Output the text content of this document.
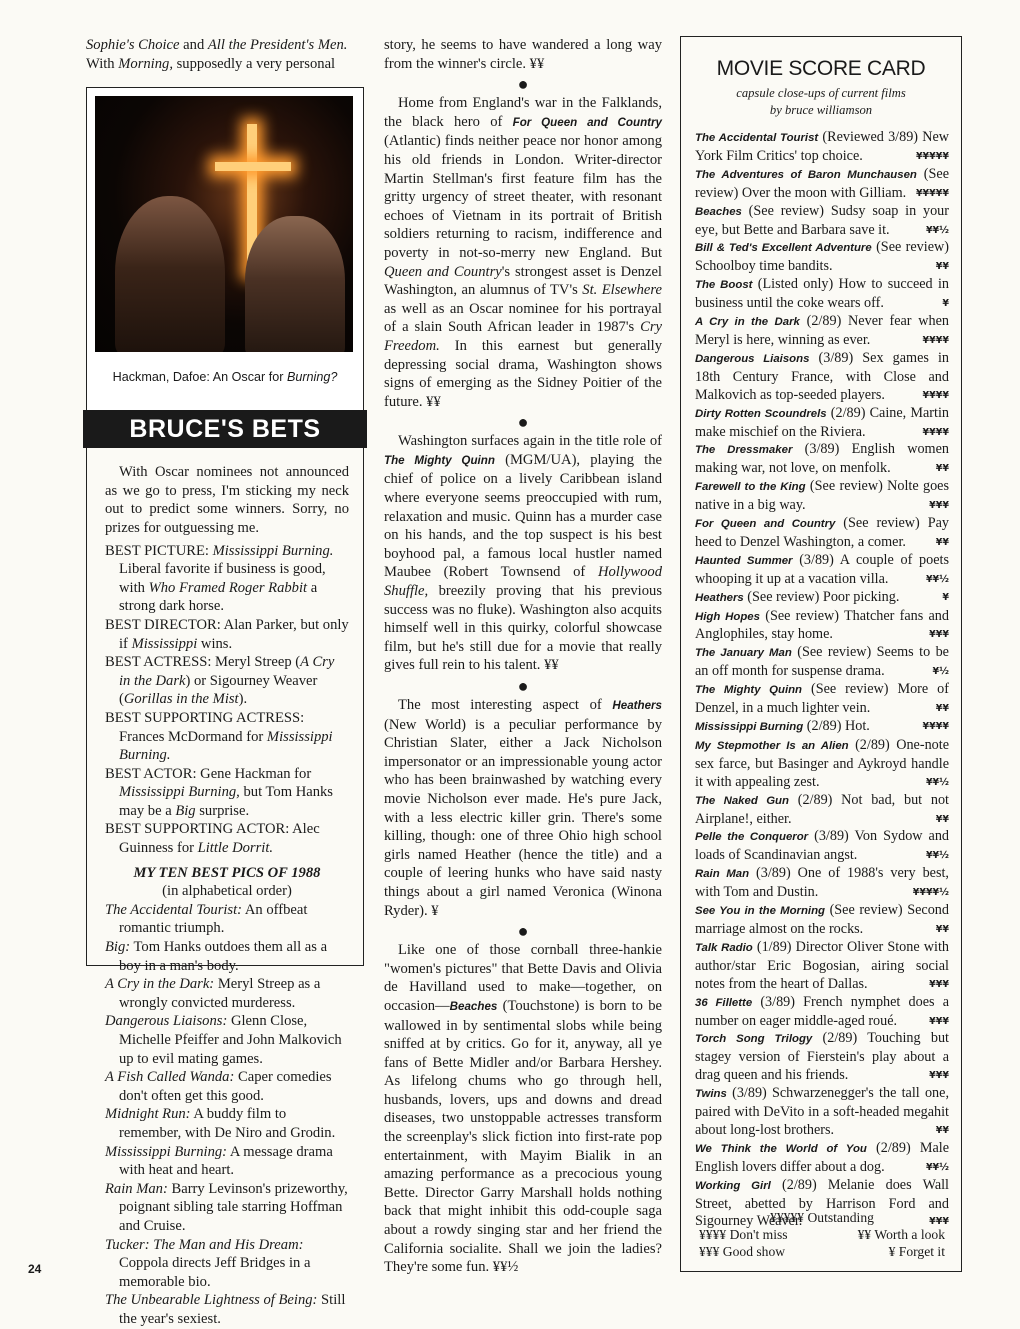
Sophie's Choice and All the President's Men.
With Morning, supposedly a very personal

Hackman, Dafoe: An Oscar for Burning?
BRUCE'S BETS

With Oscar nominees not announced as we go to press, I'm sticking my neck out to predict some winners. Sorry, no prizes for outguessing me.

BEST PICTURE: Mississippi Burning. Liberal favorite if business is good, with Who Framed Roger Rabbit a strong dark horse.

BEST DIRECTOR: Alan Parker, but only if Mississippi wins.

BEST ACTRESS: Meryl Streep (A Cry in the Dark) or Sigourney Weaver (Gorillas in the Mist).

BEST SUPPORTING ACTRESS: Frances McDormand for Mississippi Burning.

BEST ACTOR: Gene Hackman for Mississippi Burning, but Tom Hanks may be a Big surprise.

BEST SUPPORTING ACTOR: Alec Guinness for Little Dorrit.

MY TEN BEST PICS OF 1988

(in alphabetical order)

The Accidental Tourist: An offbeat romantic triumph.

Big: Tom Hanks outdoes them all as a boy in a man's body.

A Cry in the Dark: Meryl Streep as a wrongly convicted murderess.

Dangerous Liaisons: Glenn Close, Michelle Pfeiffer and John Malkovich up to evil mating games.

A Fish Called Wanda: Caper comedies don't often get this good.

Midnight Run: A buddy film to remember, with De Niro and Grodin.

Mississippi Burning: A message drama with heat and heart.

Rain Man: Barry Levinson's prizeworthy, poignant sibling tale starring Hoffman and Cruise.

Tucker: The Man and His Dream: Coppola directs Jeff Bridges in a memorable bio.

The Unbearable Lightness of Being: Still the year's sexiest.

story, he seems to have wandered a long way from the winner's circle. ¥¥

●

Home from England's war in the Falklands, the black hero of For Queen and Country (Atlantic) finds neither peace nor honor among his old friends in London. Writer-director Martin Stellman's first feature film has the gritty urgency of street theater, with resonant echoes of Vietnam in its portrait of British soldiers returning to racism, indifference and poverty in not-so-merry new England. But Queen and Country's strongest asset is Denzel Washington, an alumnus of TV's St. Elsewhere as well as an Oscar nominee for his portrayal of a slain South African leader in 1987's Cry Freedom. In this earnest but generally depressing social drama, Washington shows signs of emerging as the Sidney Poitier of the future. ¥¥

●

Washington surfaces again in the title role of The Mighty Quinn (MGM/UA), playing the chief of police on a lively Caribbean island where everyone seems preoccupied with rum, relaxation and music. Quinn has a murder case on his hands, and the top suspect is his best boyhood pal, a famous local hustler named Maubee (Robert Townsend of Hollywood Shuffle, breezily proving that his previous success was no fluke). Washington also acquits himself well in this quirky, colorful showcase film, but he's still due for a movie that really gives full rein to his talent. ¥¥

●

The most interesting aspect of Heathers (New World) is a peculiar performance by Christian Slater, either a Jack Nicholson impersonator or an impressionable young actor who has been brainwashed by watching every movie Nicholson ever made. He's pure Jack, with a less electric killer grin. There's some killing, though: one of three Ohio high school girls named Heather (hence the title) and a couple of leering hunks who have said nasty things about a girl named Veronica (Winona Ryder). ¥

●

Like one of those cornball three-hankie "women's pictures" that Bette Davis and Olivia de Havilland used to make—together, on occasion—Beaches (Touchstone) is born to be wallowed in by sentimental slobs while being sniffed at by critics. Go for it, anyway, all ye fans of Bette Midler and/or Barbara Hershey. As lifelong chums who go through hell, husbands, lovers, ups and downs and dread diseases, two unstoppable actresses transform the screenplay's slick fiction into first-rate pop entertainment, with Mayim Bialik in an amazing performance as a precocious young Bette. Director Garry Marshall holds nothing back that might inhibit this odd-couple saga about a rowdy singing star and her friend the California socialite. Shall we join the ladies? They're some fun. ¥¥½

MOVIE SCORE CARD
capsule close-ups of current films
by bruce williamson

The Accidental Tourist (Reviewed 3/89) New York Film Critics' top choice.	¥¥¥¥¥

The Adventures of Baron Munchausen (See review) Over the moon with Gilliam. ¥¥¥¥¥

Beaches (See review) Sudsy soap in your eye, but Bette and Barbara save it.	¥¥½

Bill & Ted's Excellent Adventure (See review) Schoolboy time bandits.	¥¥

The Boost (Listed only) How to succeed in business until the coke wears off.	¥

A Cry in the Dark (2/89) Never fear when Meryl is here, winning as ever.	¥¥¥¥

Dangerous Liaisons (3/89) Sex games in 18th Century France, with Close and Malkovich as top-seeded players.	¥¥¥¥

Dirty Rotten Scoundrels (2/89) Caine, Martin make mischief on the Riviera.	¥¥¥¥

The Dressmaker (3/89) English women making war, not love, on menfolk.	¥¥

Farewell to the King (See review) Nolte goes native in a big way.	¥¥¥

For Queen and Country (See review) Pay heed to Denzel Washington, a comer.	¥¥

Haunted Summer (3/89) A couple of poets whooping it up at a vacation villa.	¥¥½

Heathers (See review) Poor picking.	¥

High Hopes (See review) Thatcher fans and Anglophiles, stay home.	¥¥¥

The January Man (See review) Seems to be an off month for suspense drama.	¥½

The Mighty Quinn (See review) More of Denzel, in a much lighter vein.	¥¥

Mississippi Burning (2/89) Hot.	¥¥¥¥

My Stepmother Is an Alien (2/89) One-note sex farce, but Basinger and Aykroyd handle it with appealing zest.	¥¥½

The Naked Gun (2/89) Not bad, but not Airplane!, either.	¥¥

Pelle the Conqueror (3/89) Von Sydow and loads of Scandinavian angst.	¥¥½

Rain Man (3/89) One of 1988's very best, with Tom and Dustin.	¥¥¥¥½

See You in the Morning (See review) Second marriage almost on the rocks.	¥¥

Talk Radio (1/89) Director Oliver Stone with author/star Eric Bogosian, airing social notes from the heart of Dallas.	¥¥¥

36 Fillette (3/89) French nymphet does a number on eager middle-aged roué.	¥¥¥

Torch Song Trilogy (2/89) Touching but stagey version of Fierstein's play about a drag queen and his friends.	¥¥¥

Twins (3/89) Schwarzenegger's the tall one, paired with DeVito in a soft-headed megahit about long-lost brothers.	¥¥

We Think the World of You (2/89) Male English lovers differ about a dog.	¥¥½

Working Girl (2/89) Melanie does Wall Street, abetted by Harrison Ford and Sigourney Weaver.	¥¥¥

¥¥¥¥¥ Outstanding
¥¥¥¥ Don't miss	¥¥ Worth a look
¥¥¥ Good show	¥ Forget it
24
